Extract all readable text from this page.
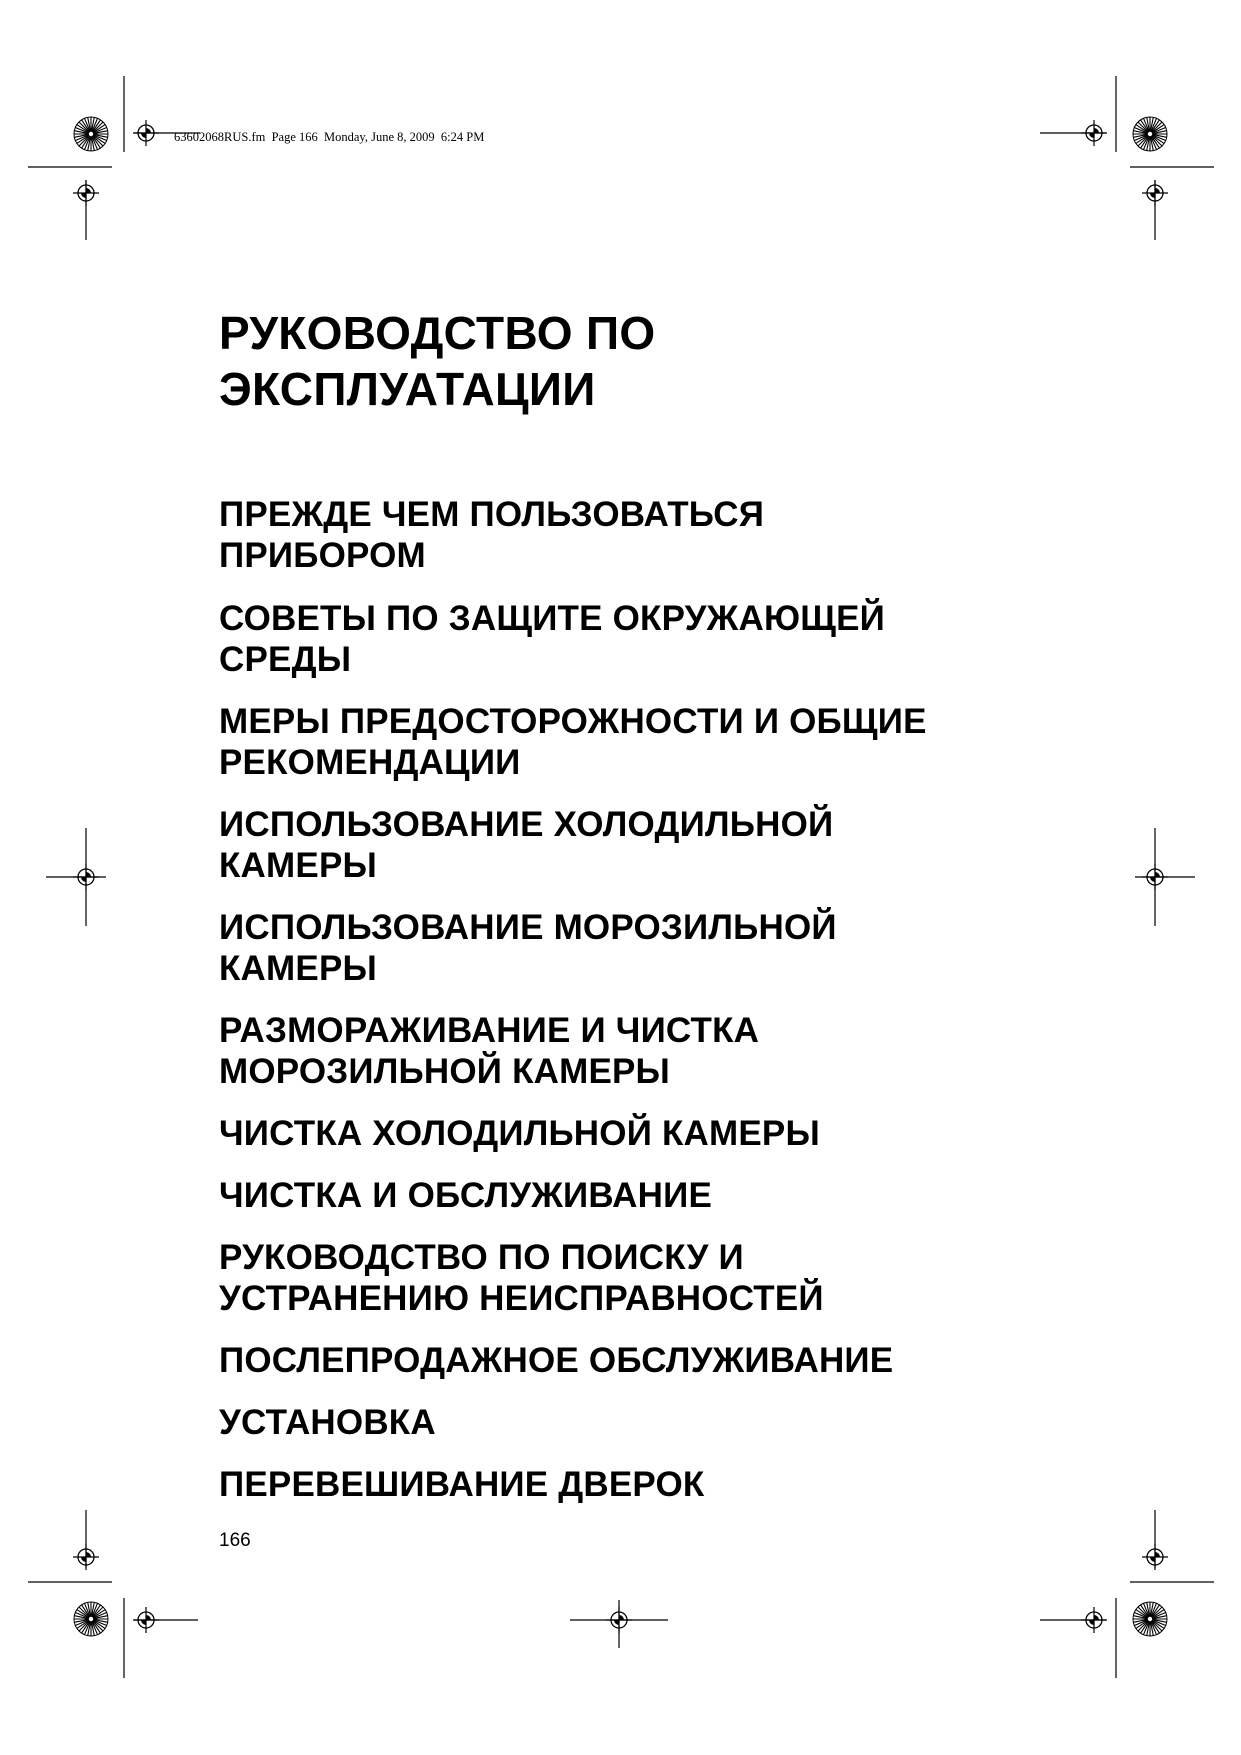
63602068RUS.fm  Page 166  Monday, June 8, 2009  6:24 PM
РУКОВОДСТВО ПО
ЭКСПЛУАТАЦИИ
ПРЕЖДЕ ЧЕМ ПОЛЬЗОВАТЬСЯ
ПРИБОРОМ
СОВЕТЫ ПО ЗАЩИТЕ ОКРУЖАЮЩЕЙ
СРЕДЫ
МЕРЫ ПРЕДОСТОРОЖНОСТИ И ОБЩИЕ
РЕКОМЕНДАЦИИ
ИСПОЛЬЗОВАНИЕ ХОЛОДИЛЬНОЙ
КАМЕРЫ
ИСПОЛЬЗОВАНИЕ МОРОЗИЛЬНОЙ
КАМЕРЫ
РАЗМОРАЖИВАНИЕ И ЧИСТКА
МОРОЗИЛЬНОЙ КАМЕРЫ
ЧИСТКА ХОЛОДИЛЬНОЙ КАМЕРЫ
ЧИСТКА И ОБСЛУЖИВАНИЕ
РУКОВОДСТВО ПО ПОИСКУ И
УСТРАНЕНИЮ НЕИСПРАВНОСТЕЙ
ПОСЛЕПРОДАЖНОЕ ОБСЛУЖИВАНИЕ
УСТАНОВКА
ПЕРЕВЕШИВАНИЕ ДВЕРОК
166
